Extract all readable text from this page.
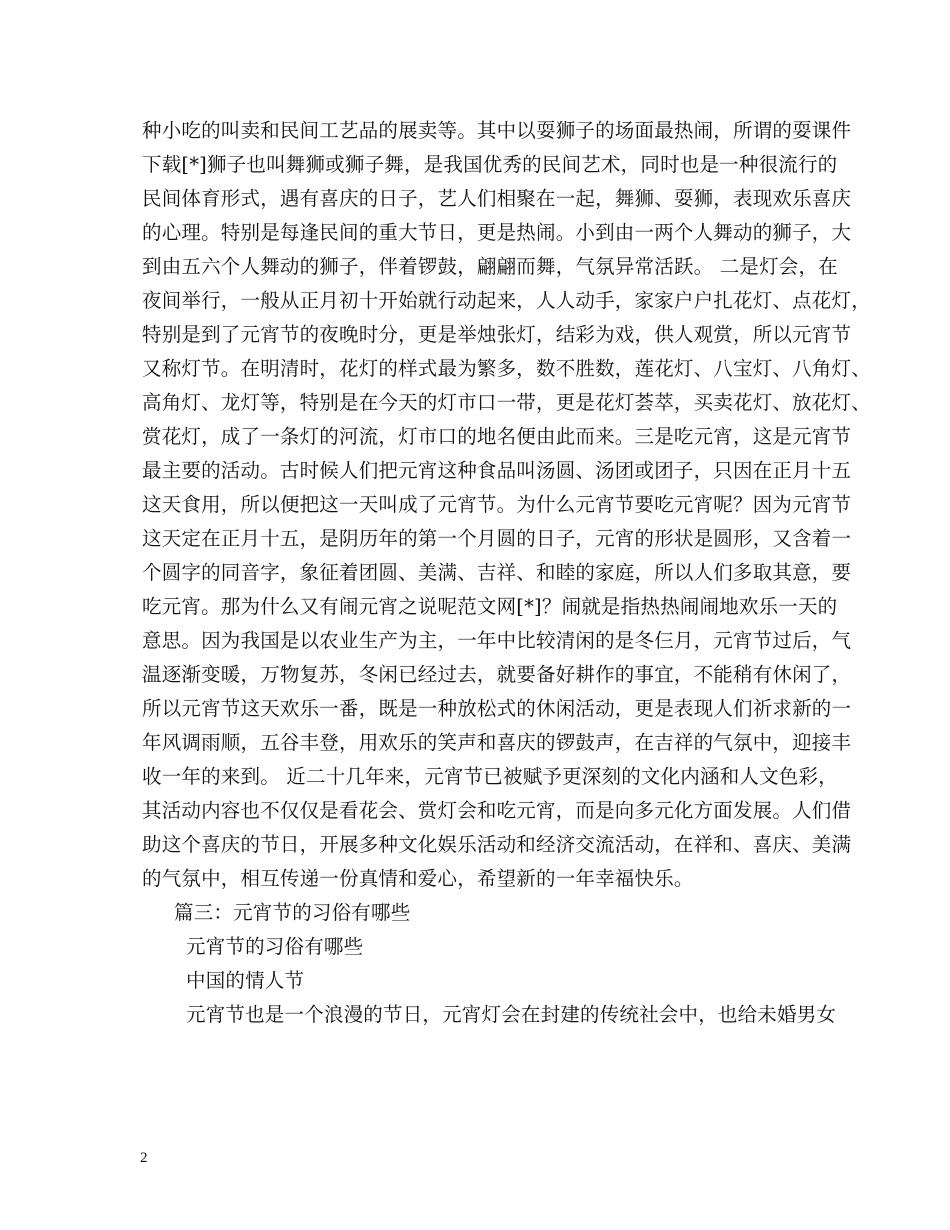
种小吃的叫卖和民间工艺品的展卖等。其中以耍狮子的场面最热闹，所谓的耍课件
下载[*]狮子也叫舞狮或狮子舞，是我国优秀的民间艺术，同时也是一种很流行的
民间体育形式，遇有喜庆的日子，艺人们相聚在一起，舞狮、耍狮，表现欢乐喜庆
的心理。特别是每逢民间的重大节日，更是热闹。小到由一两个人舞动的狮子，大
到由五六个人舞动的狮子，伴着锣鼓，翩翩而舞，气氛异常活跃。 二是灯会，在
夜间举行，一般从正月初十开始就行动起来，人人动手，家家户户扎花灯、点花灯，
特别是到了元宵节的夜晚时分，更是举烛张灯，结彩为戏，供人观赏，所以元宵节
又称灯节。在明清时，花灯的样式最为繁多，数不胜数，莲花灯、八宝灯、八角灯、
高角灯、龙灯等，特别是在今天的灯市口一带，更是花灯荟萃，买卖花灯、放花灯、
赏花灯，成了一条灯的河流，灯市口的地名便由此而来。三是吃元宵，这是元宵节
最主要的活动。古时候人们把元宵这种食品叫汤圆、汤团或团子，只因在正月十五
这天食用，所以便把这一天叫成了元宵节。为什么元宵节要吃元宵呢？因为元宵节
这天定在正月十五，是阴历年的第一个月圆的日子，元宵的形状是圆形，又含着一
个圆字的同音字，象征着团圆、美满、吉祥、和睦的家庭，所以人们多取其意，要
吃元宵。那为什么又有闹元宵之说呢范文网[*]？闹就是指热热闹闹地欢乐一天的
意思。因为我国是以农业生产为主，一年中比较清闲的是冬仨月，元宵节过后，气
温逐渐变暖，万物复苏，冬闲已经过去，就要备好耕作的事宜，不能稍有休闲了，
所以元宵节这天欢乐一番，既是一种放松式的休闲活动，更是表现人们祈求新的一
年风调雨顺，五谷丰登，用欢乐的笑声和喜庆的锣鼓声，在吉祥的气氛中，迎接丰
收一年的来到。 近二十几年来，元宵节已被赋予更深刻的文化内涵和人文色彩，
其活动内容也不仅仅是看花会、赏灯会和吃元宵，而是向多元化方面发展。人们借
助这个喜庆的节日，开展多种文化娱乐活动和经济交流活动，在祥和、喜庆、美满
的气氛中，相互传递一份真情和爱心，希望新的一年幸福快乐。
篇三：元宵节的习俗有哪些
元宵节的习俗有哪些
中国的情人节
元宵节也是一个浪漫的节日，元宵灯会在封建的传统社会中，也给未婚男女
2
